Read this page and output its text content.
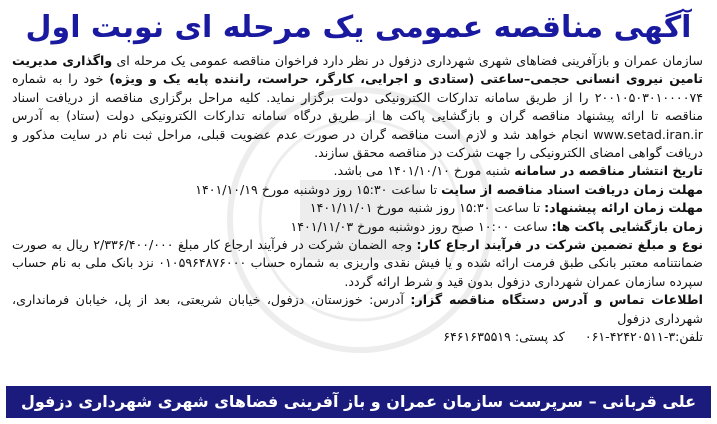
آگهی مناقصه عمومی یک مرحله ای نوبت اول

سازمان عمران و بازآفرینی فضاهای شهری شهرداری دزفول در نظر دارد فراخوان مناقصه عمومی یک مرحله ای واگذاری مدیریت تامین نیروی انسانی حجمی–ساعتی (ستادی و اجرایی، کارگر، حراست، راننده پایه یک و ویژه) خود را به شماره ۲۰۰۱۰۵۰۳۰۱۰۰۰۰۷۴ را از طریق سامانه تدارکات الکترونیکی دولت برگزار نماید. کلیه مراحل برگزاری مناقصه از دریافت اسناد مناقصه تا ارائه پیشنهاد مناقصه گران و بازگشایی پاکت ها از طریق درگاه سامانه تدارکات الکترونیکی دولت (ستاد) به آدرس www.setad.iran.ir انجام خواهد شد و لازم است مناقصه گران در صورت عدم عضویت قبلی، مراحل ثبت نام در سایت مذکور و دریافت گواهی امضای الکترونیکی را جهت شرکت در مناقصه محقق سازند.

تاریخ انتشار مناقصه در سامانه شنبه مورخ ۱۴۰۱/۱۰/۱۰ می باشد.

مهلت زمان دریافت اسناد مناقصه از سایت تا ساعت ۱۵:۳۰ روز دوشنبه مورخ ۱۴۰۱/۱۰/۱۹

مهلت زمان ارائه پیشنهاد: تا ساعت ۱۵:۳۰ روز شنبه مورخ ۱۴۰۱/۱۱/۰۱

زمان بازگشایی پاکت ها: ساعت ۱۰:۰۰ صبح روز دوشنبه مورخ ۱۴۰۱/۱۱/۰۳

نوع و مبلغ تضمین شرکت در فرآیند ارجاع کار: وجه الضمان شرکت در فرآیند ارجاع کار مبلغ ۲/۳۳۶/۴۰۰/۰۰۰ ریال به صورت ضمانتنامه معتبر بانکی طبق فرمت ارائه شده و یا فیش نقدی واریزی به شماره حساب ۰۱۰۵۹۶۴۸۷۶۰۰۰ نزد بانک ملی به نام حساب سپرده سازمان عمران شهرداری دزفول بدون قید و شرط ارائه گردد.

اطلاعات تماس و آدرس دستگاه مناقصه گزار: آدرس: خوزستان، دزفول، خیابان شریعتی، بعد از پل، خیابان فرمانداری، شهرداری دزفول
تلفن:۳-۴۲۴۲۰۵۱۱-۰۶۱     کد پستی: ۶۴۶۱۶۳۵۵۱۹

علی قربانی – سرپرست سازمان عمران و باز آفرینی فضاهای شهری شهرداری دزفول
